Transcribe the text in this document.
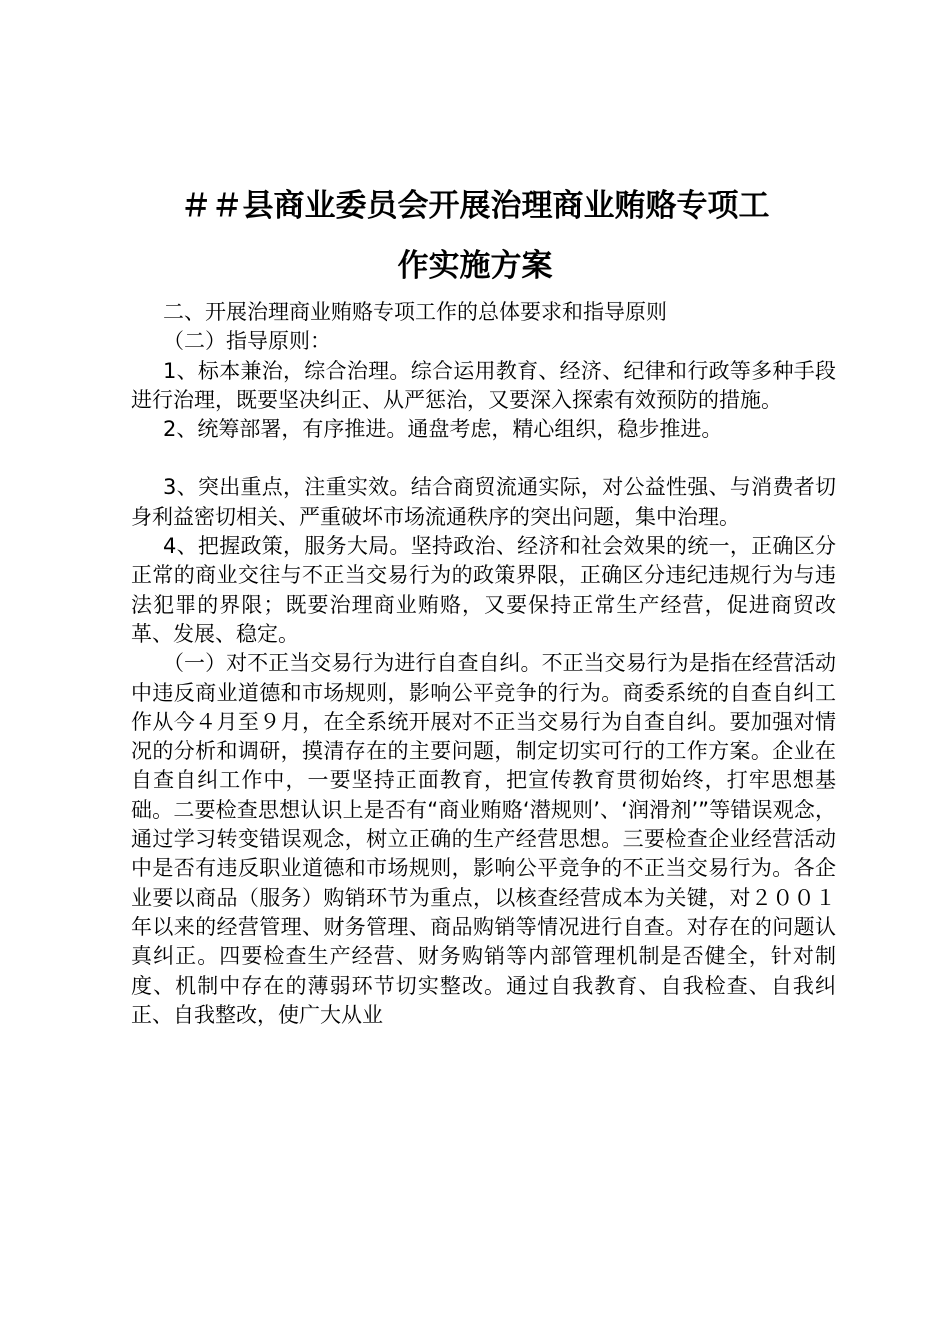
＃＃县商业委员会开展治理商业贿赂专项工
作实施方案

二、开展治理商业贿赂专项工作的总体要求和指导原则

（二）指导原则：

1、标本兼治，综合治理。综合运用教育、经济、纪律和行政等多种手段进行治理，既要坚决纠正、从严惩治，又要深入探索有效预防的措施。

2、统筹部署，有序推进。通盘考虑，精心组织，稳步推进。

3、突出重点，注重实效。结合商贸流通实际，对公益性强、与消费者切身利益密切相关、严重破坏市场流通秩序的突出问题，集中治理。

4、把握政策，服务大局。坚持政治、经济和社会效果的统一，正确区分正常的商业交往与不正当交易行为的政策界限，正确区分违纪违规行为与违法犯罪的界限；既要治理商业贿赂，又要保持正常生产经营，促进商贸改革、发展、稳定。

（一）对不正当交易行为进行自查自纠。不正当交易行为是指在经营活动中违反商业道德和市场规则，影响公平竞争的行为。商委系统的自查自纠工作从今４月至９月，在全系统开展对不正当交易行为自查自纠。要加强对情况的分析和调研，摸清存在的主要问题，制定切实可行的工作方案。企业在自查自纠工作中，一要坚持正面教育，把宣传教育贯彻始终，打牢思想基础。二要检查思想认识上是否有“商业贿赂‘潜规则’、‘润滑剂’”等错误观念，通过学习转变错误观念，树立正确的生产经营思想。三要检查企业经营活动中是否有违反职业道德和市场规则，影响公平竞争的不正当交易行为。各企业要以商品（服务）购销环节为重点，以核查经营成本为关键，对２００１年以来的经营管理、财务管理、商品购销等情况进行自查。对存在的问题认真纠正。四要检查生产经营、财务购销等内部管理机制是否健全，针对制度、机制中存在的薄弱环节切实整改。通过自我教育、自我检查、自我纠正、自我整改，使广大从业
